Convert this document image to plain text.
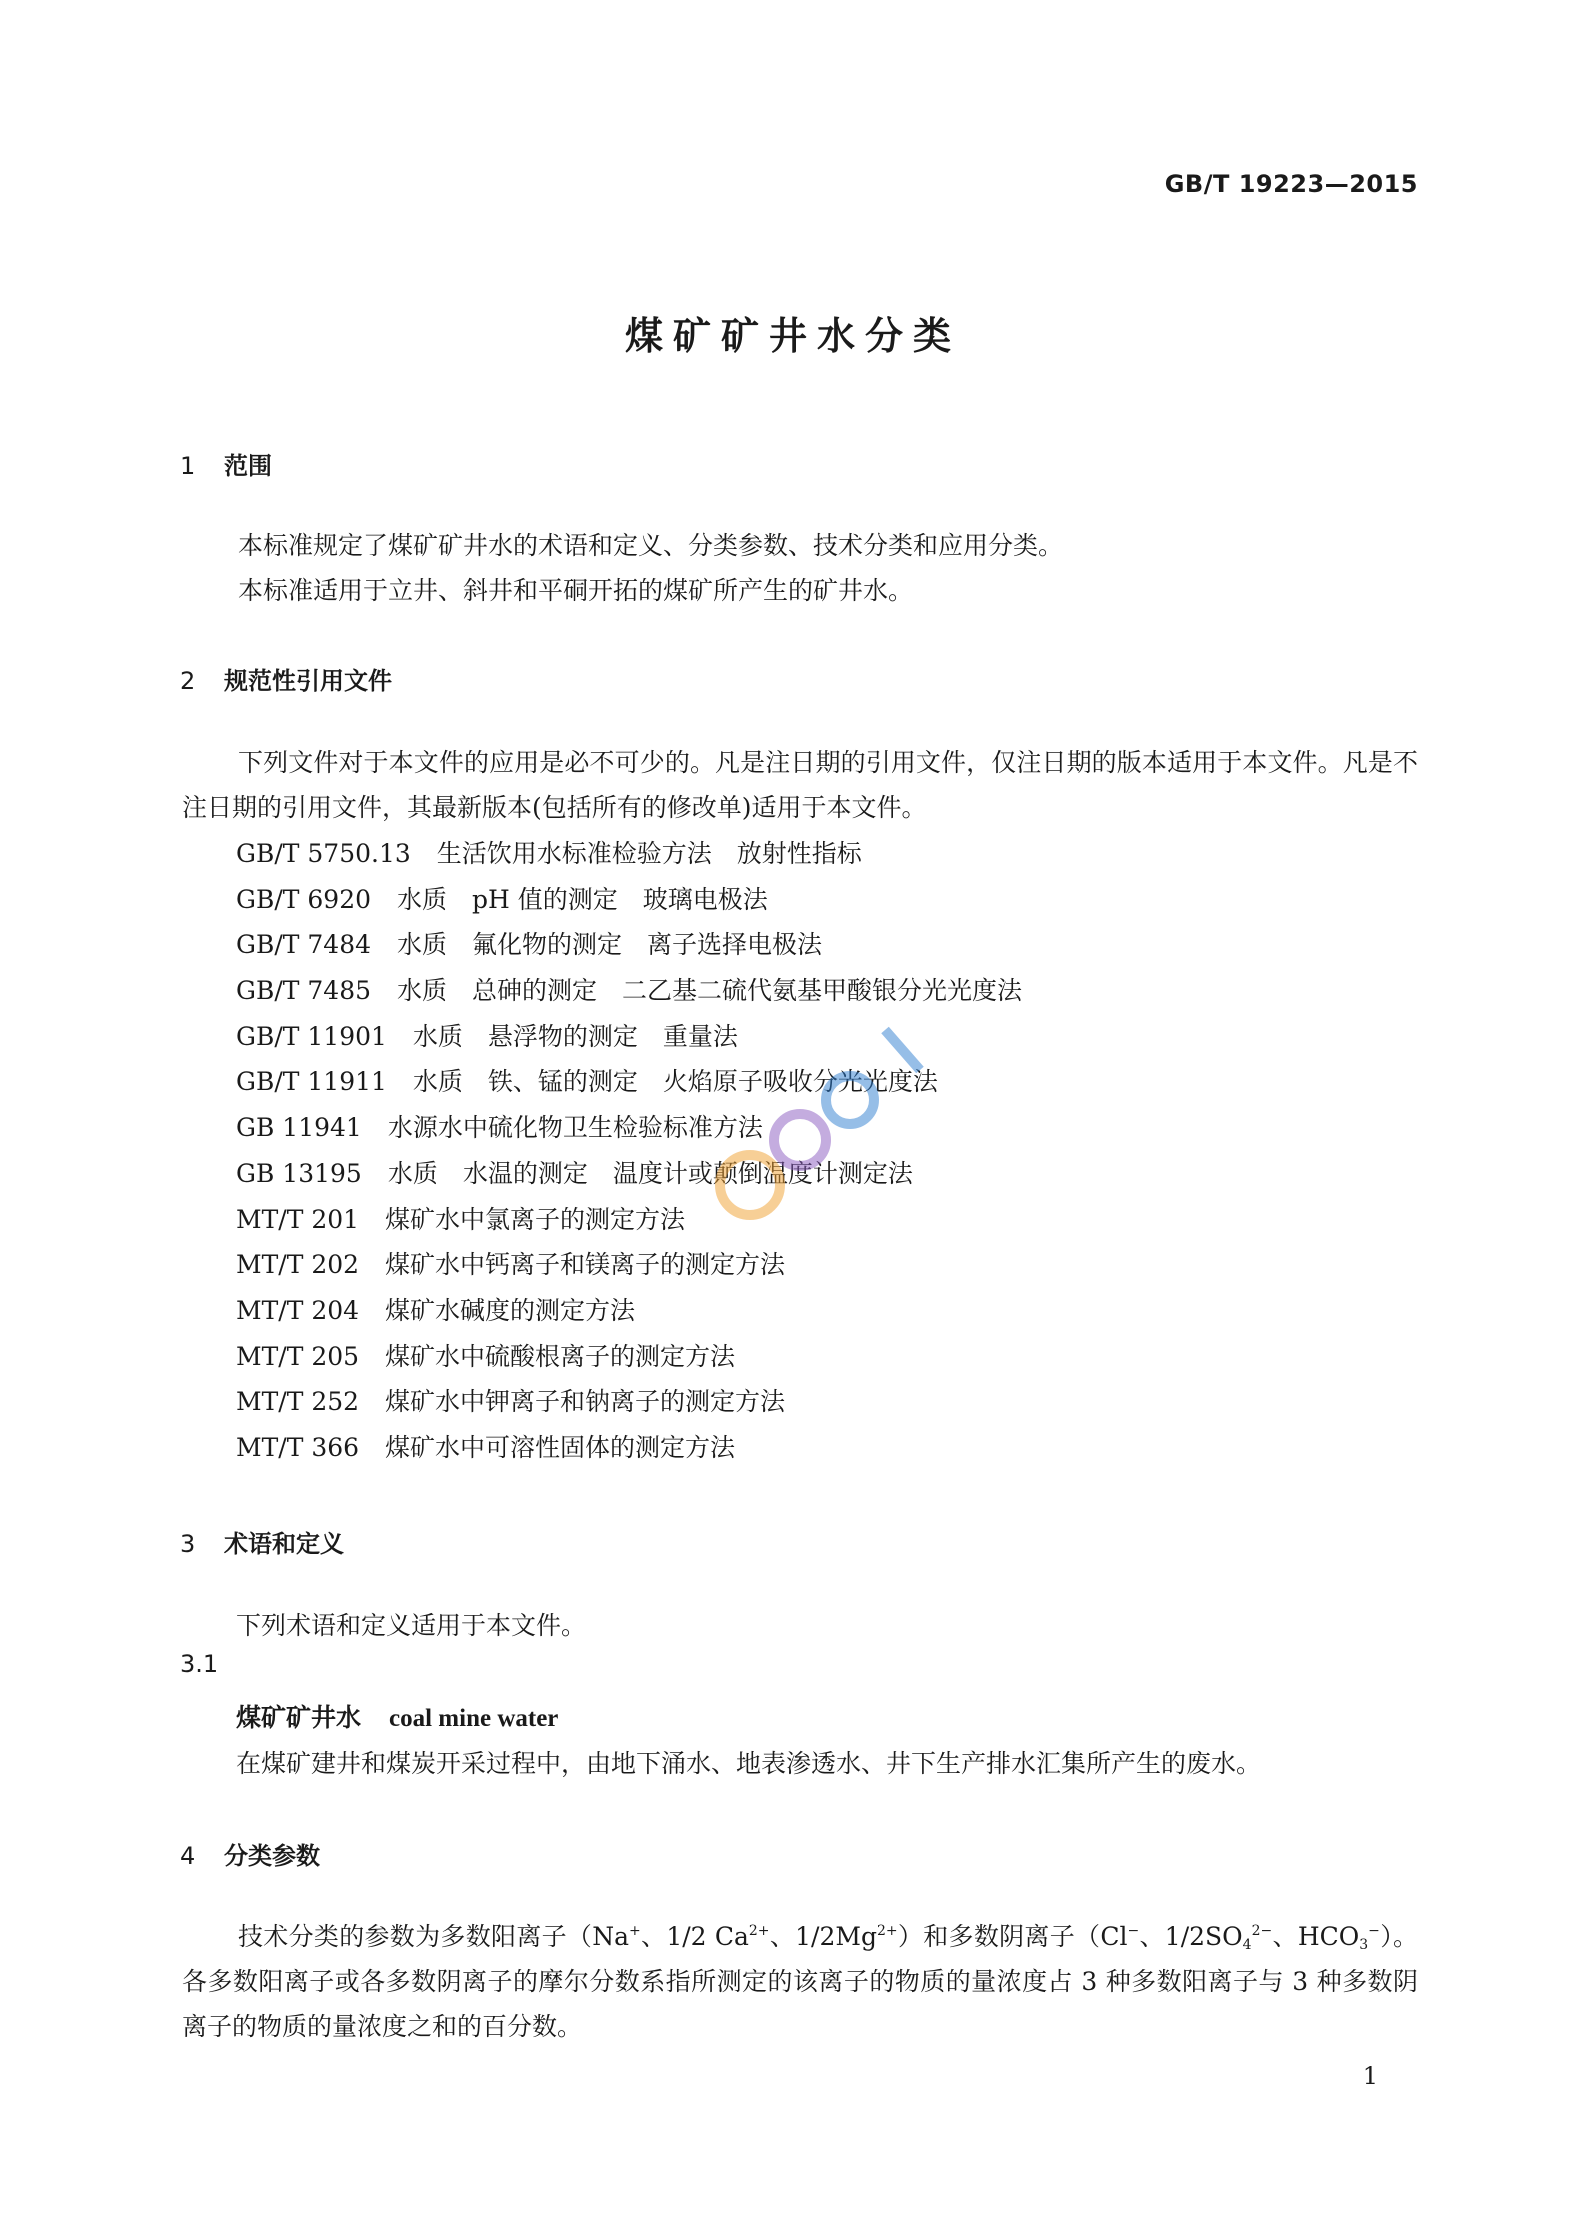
GB/T 19223—2015
煤矿矿井水分类
1 范围

本标准规定了煤矿矿井水的术语和定义、分类参数、技术分类和应用分类。

本标准适用于立井、斜井和平硐开拓的煤矿所产生的矿井水。

2 规范性引用文件

下列文件对于本文件的应用是必不可少的。凡是注日期的引用文件，仅注日期的版本适用于本文件。凡是不注日期的引用文件，其最新版本(包括所有的修改单)适用于本文件。

GB/T 5750.13 生活饮用水标准检验方法　放射性指标
GB/T 6920 水质　pH 值的测定　玻璃电极法
GB/T 7484 水质　氟化物的测定　离子选择电极法
GB/T 7485 水质　总砷的测定　二乙基二硫代氨基甲酸银分光光度法
GB/T 11901 水质　悬浮物的测定　重量法
GB/T 11911 水质　铁、锰的测定　火焰原子吸收分光光度法
GB 11941 水源水中硫化物卫生检验标准方法
GB 13195 水质　水温的测定　温度计或颠倒温度计测定法
MT/T 201 煤矿水中氯离子的测定方法
MT/T 202 煤矿水中钙离子和镁离子的测定方法
MT/T 204 煤矿水碱度的测定方法
MT/T 205 煤矿水中硫酸根离子的测定方法
MT/T 252 煤矿水中钾离子和钠离子的测定方法
MT/T 366 煤矿水中可溶性固体的测定方法
3 术语和定义
下列术语和定义适用于本文件。
3.1
煤矿矿井水 coal mine water
在煤矿建井和煤炭开采过程中，由地下涌水、地表渗透水、井下生产排水汇集所产生的废水。
4 分类参数

技术分类的参数为多数阳离子（Na+、1/2 $Ca^{2+}$、$1/2Mg^{2+}$）和多数阴离子（Cl−、$1/2SO_4^{2-}$、$HCO_3^-$）。各多数阳离子或各多数阴离子的摩尔分数系指所测定的该离子的物质的量浓度占 3 种多数阳离子与 3 种多数阴离子的物质的量浓度之和的百分数。

1
